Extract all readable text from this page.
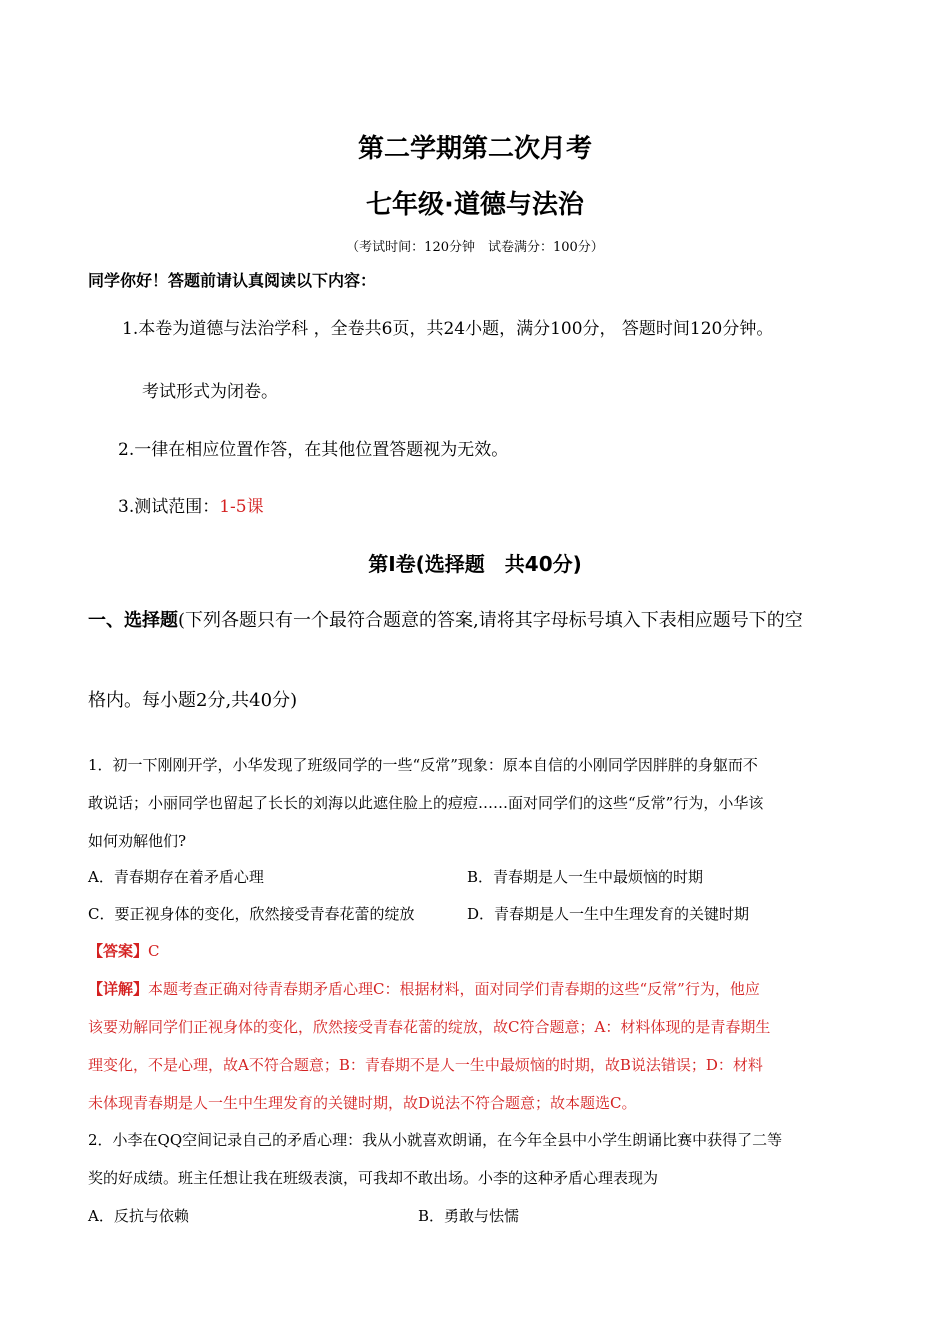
第二学期第二次月考
七年级·道德与法治
（考试时间：120分钟　试卷满分：100分）
同学你好！答题前请认真阅读以下内容：
1.本卷为道德与法治学科 ，全卷共6页，共24小题，满分100分， 答题时间120分钟。
考试形式为闭卷。
2.一律在相应位置作答，在其他位置答题视为无效。
3.测试范围：1-5课
第Ⅰ卷(选择题　共40分)
一、选择题(下列各题只有一个最符合题意的答案,请将其字母标号填入下表相应题号下的空
格内。每小题2分,共40分)
1．初一下刚刚开学，小华发现了班级同学的一些“反常”现象：原本自信的小刚同学因胖胖的身躯而不
敢说话；小丽同学也留起了长长的刘海以此遮住脸上的痘痘……面对同学们的这些“反常”行为，小华该
如何劝解他们?
A．青春期存在着矛盾心理	B．青春期是人一生中最烦恼的时期
C．要正视身体的变化，欣然接受青春花蕾的绽放	D．青春期是人一生中生理发育的关键时期
【答案】C
【详解】本题考查正确对待青春期矛盾心理C：根据材料，面对同学们青春期的这些“反常”行为，他应
该要劝解同学们正视身体的变化，欣然接受青春花蕾的绽放，故C符合题意；A：材料体现的是青春期生
理变化，不是心理，故A不符合题意；B：青春期不是人一生中最烦恼的时期，故B说法错误；D：材料
未体现青春期是人一生中生理发育的关键时期，故D说法不符合题意；故本题选C。
2．小李在QQ空间记录自己的矛盾心理：我从小就喜欢朗诵，在今年全县中小学生朗诵比赛中获得了二等
奖的好成绩。班主任想让我在班级表演，可我却不敢出场。小李的这种矛盾心理表现为
A．反抗与依赖	B．勇敢与怯懦
